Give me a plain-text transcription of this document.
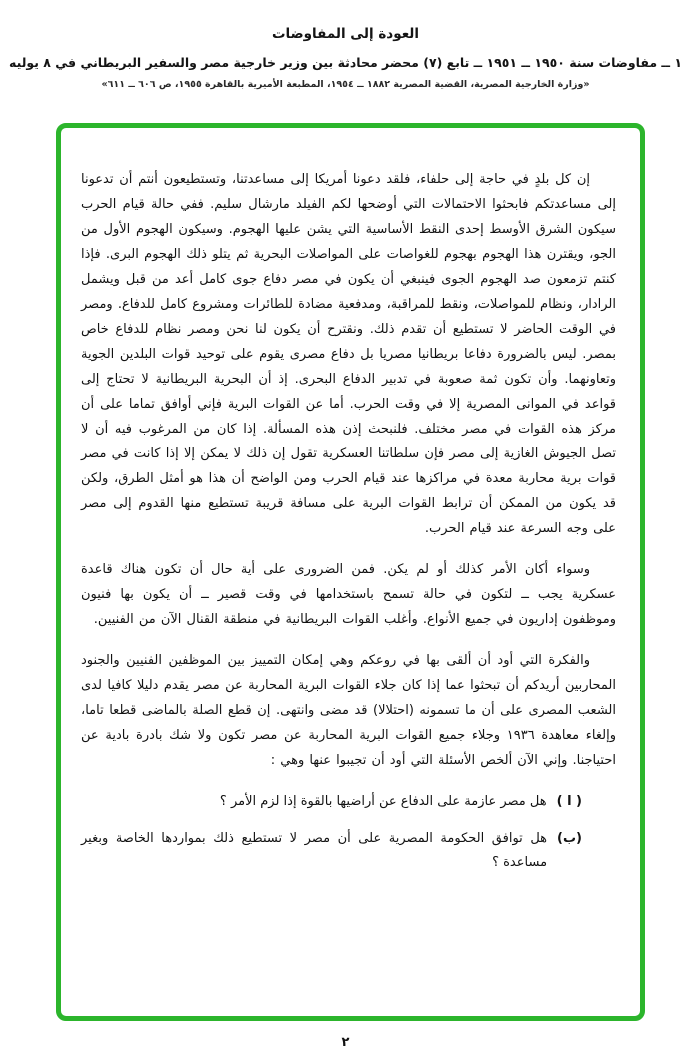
العودة إلى المفاوضات
١ ــ مفاوضات سنة ١٩٥٠ ــ ١٩٥١ ــ تابع (٧) محضر محادثة بين وزير خارجية مصر والسفير البريطاني في ٨ يوليه
«وزارة الخارجية المصرية، القضية المصرية ١٨٨٢ ــ ١٩٥٤، المطبعة الأميرية بالقاهرة ١٩٥٥، ص ٦٠٦ ــ ٦١١»

إن كل بلدٍ في حاجة إلى حلفاء، فلقد دعونا أمريكا إلى مساعدتنا، وتستطيعون أنتم أن تدعونا إلى مساعدتكم فابحثوا الاحتمالات التي أوضحها لكم الفيلد مارشال سليم. ففي حالة قيام الحرب سيكون الشرق الأوسط إحدى النقط الأساسية التي يشن عليها الهجوم. وسيكون الهجوم الأول من الجو، ويقترن هذا الهجوم بهجوم للغواصات على المواصلات البحرية ثم يتلو ذلك الهجوم البرى. فإذا كنتم تزمعون صد الهجوم الجوى فينبغي أن يكون في مصر دفاع جوى كامل أعد من قبل ويشمل الرادار، ونظام للمواصلات، ونقط للمراقبة، ومدفعية مضادة للطائرات ومشروع كامل للدفاع. ومصر في الوقت الحاضر لا تستطيع أن تقدم ذلك. ونقترح أن يكون لنا نحن ومصر نظام للدفاع خاص بمصر. ليس بالضرورة دفاعا بريطانيا مصريا بل دفاع مصرى يقوم على توحيد قوات البلدين الجوية وتعاونهما. وأن تكون ثمة صعوبة في تدبير الدفاع البحرى. إذ أن البحرية البريطانية لا تحتاج إلى قواعد في الموانى المصرية إلا في وقت الحرب. أما عن القوات البرية فإني أوافق تماما على أن مركز هذه القوات في مصر مختلف. فلنبحث إذن هذه المسألة. إذا كان من المرغوب فيه أن لا تصل الجيوش الغازية إلى مصر فإن سلطاتنا العسكرية تقول إن ذلك لا يمكن إلا إذا كانت في مصر قوات برية محاربة معدة في مراكزها عند قيام الحرب ومن الواضح أن هذا هو أمثل الطرق، ولكن قد يكون من الممكن أن ترابط القوات البرية على مسافة قريبة تستطيع منها القدوم إلى مصر على وجه السرعة عند قيام الحرب.

وسواء أكان الأمر كذلك أو لم يكن. فمن الضرورى على أية حال أن تكون هناك قاعدة عسكرية يجب ــ لتكون في حالة تسمح باستخدامها في وقت قصير ــ أن يكون بها فنيون وموظفون إداريون في جميع الأنواع. وأغلب القوات البريطانية في منطقة القنال الآن من الفنيين.

والفكرة التي أود أن ألقى بها في روعكم وهي إمكان التمييز بين الموظفين الفنيين والجنود المحاربين أريدكم أن تبحثوا عما إذا كان جلاء القوات البرية المحاربة عن مصر يقدم دليلا كافيا لدى الشعب المصرى على أن ما تسمونه (احتلالا) قد مضى وانتهى. إن قطع الصلة بالماضى قطعا تاما، وإلغاء معاهدة ١٩٣٦ وجلاء جميع القوات البرية المحاربة عن مصر تكون ولا شك بادرة بادية عن احتياجنا. وإني الآن ألخص الأسئلة التي أود أن تجيبوا عنها وهي :

( ا )
هل مصر عازمة على الدفاع عن أراضيها بالقوة إذا لزم الأمر ؟
(ب)
هل توافق الحكومة المصرية على أن مصر لا تستطيع ذلك بمواردها الخاصة وبغير مساعدة ؟
٢
